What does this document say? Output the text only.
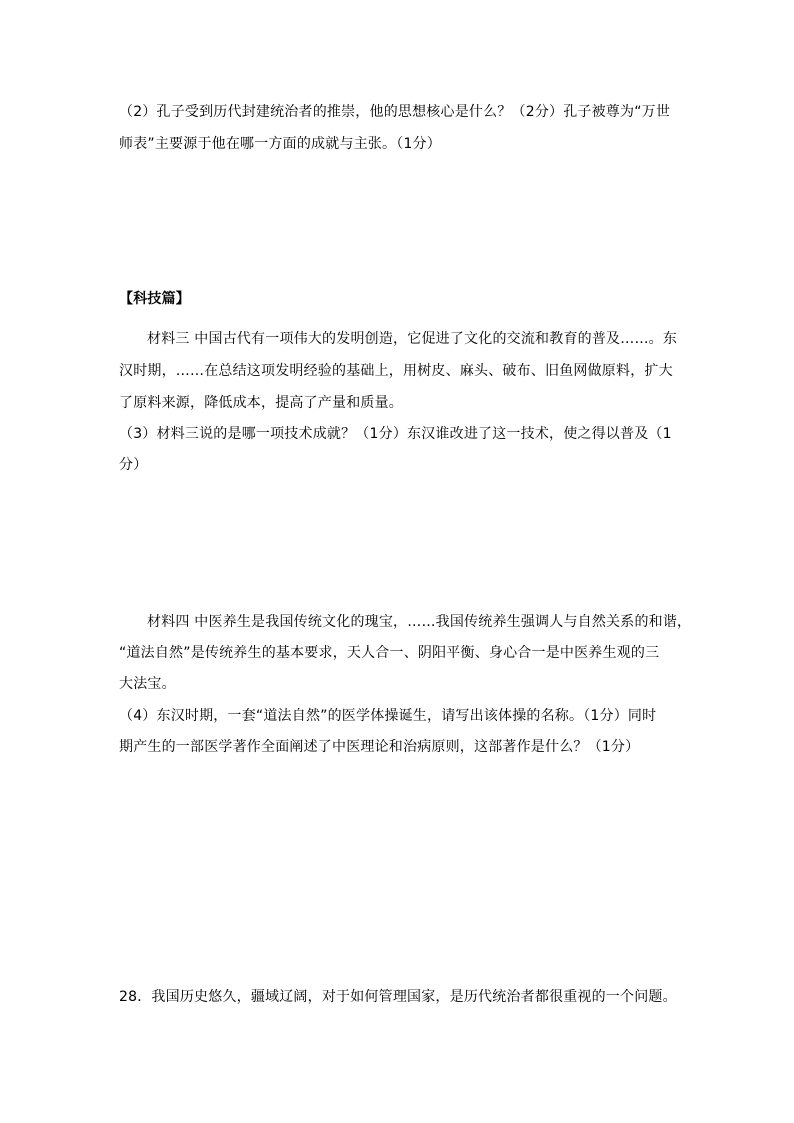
（2）孔子受到历代封建统治者的推崇，他的思想核心是什么？（2分）孔子被尊为“万世
师表”主要源于他在哪一方面的成就与主张。（1分）
【科技篇】
材料三 中国古代有一项伟大的发明创造，它促进了文化的交流和教育的普及……。东
汉时期，……在总结这项发明经验的基础上，用树皮、麻头、破布、旧鱼网做原料，扩大
了原料来源，降低成本，提高了产量和质量。
（3）材料三说的是哪一项技术成就？（1分）东汉谁改进了这一技术，使之得以普及（1
分）
材料四 中医养生是我国传统文化的瑰宝，……我国传统养生强调人与自然关系的和谐，
“道法自然”是传统养生的基本要求，天人合一、阴阳平衡、身心合一是中医养生观的三
大法宝。
（4）东汉时期，一套“道法自然”的医学体操诞生，请写出该体操的名称。（1分）同时
期产生的一部医学著作全面阐述了中医理论和治病原则，这部著作是什么？（1分）
28．我国历史悠久，疆域辽阔，对于如何管理国家，是历代统治者都很重视的一个问题。
